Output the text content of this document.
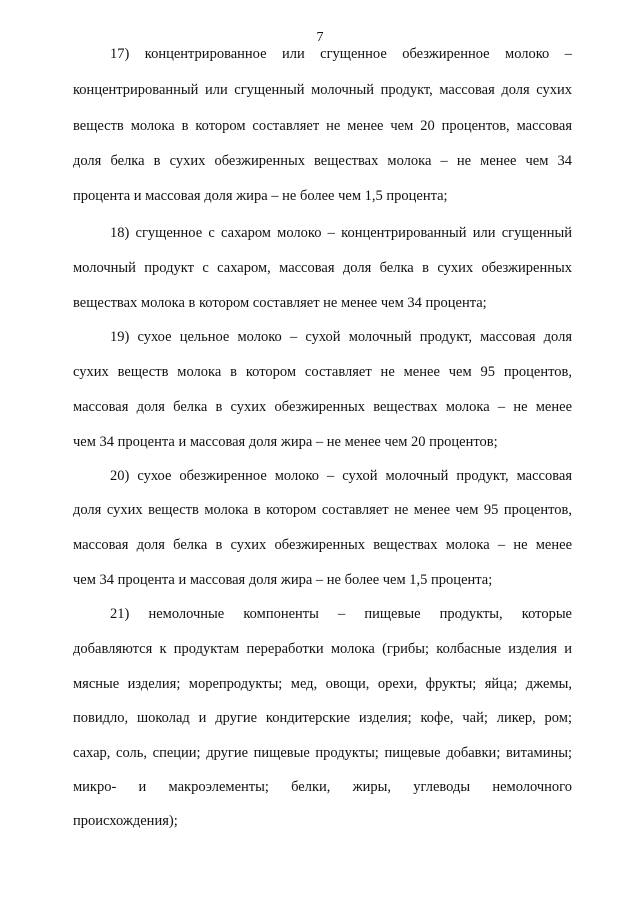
7
17) концентрированное или сгущенное обезжиренное молоко –
концентрированный или сгущенный молочный продукт, массовая доля сухих
веществ молока в котором составляет не менее чем 20 процентов, массовая
доля белка в сухих обезжиренных веществах молока – не менее чем 34
процента и массовая доля жира – не более чем 1,5 процента;
18) сгущенное с сахаром молоко – концентрированный или сгущенный
молочный продукт с сахаром, массовая доля белка в сухих обезжиренных
веществах молока в котором составляет не менее чем 34 процента;
19) сухое цельное молоко – сухой молочный продукт, массовая доля
сухих веществ молока в котором составляет не менее чем 95 процентов,
массовая доля белка в сухих обезжиренных веществах молока – не менее
чем 34 процента и массовая доля жира – не менее чем 20 процентов;
20) сухое обезжиренное молоко – сухой молочный продукт, массовая
доля сухих веществ молока в котором составляет не менее чем 95 процентов,
массовая доля белка в сухих обезжиренных веществах молока – не менее
чем 34 процента и массовая доля жира – не более чем 1,5 процента;
21) немолочные компоненты – пищевые продукты, которые
добавляются к продуктам переработки молока (грибы; колбасные изделия и
мясные изделия; морепродукты; мед, овощи, орехи, фрукты; яйца; джемы,
повидло, шоколад и другие кондитерские изделия; кофе, чай; ликер, ром;
сахар, соль, специи; другие пищевые продукты; пищевые добавки; витамины;
микро- и макроэлементы; белки, жиры, углеводы немолочного
происхождения);
